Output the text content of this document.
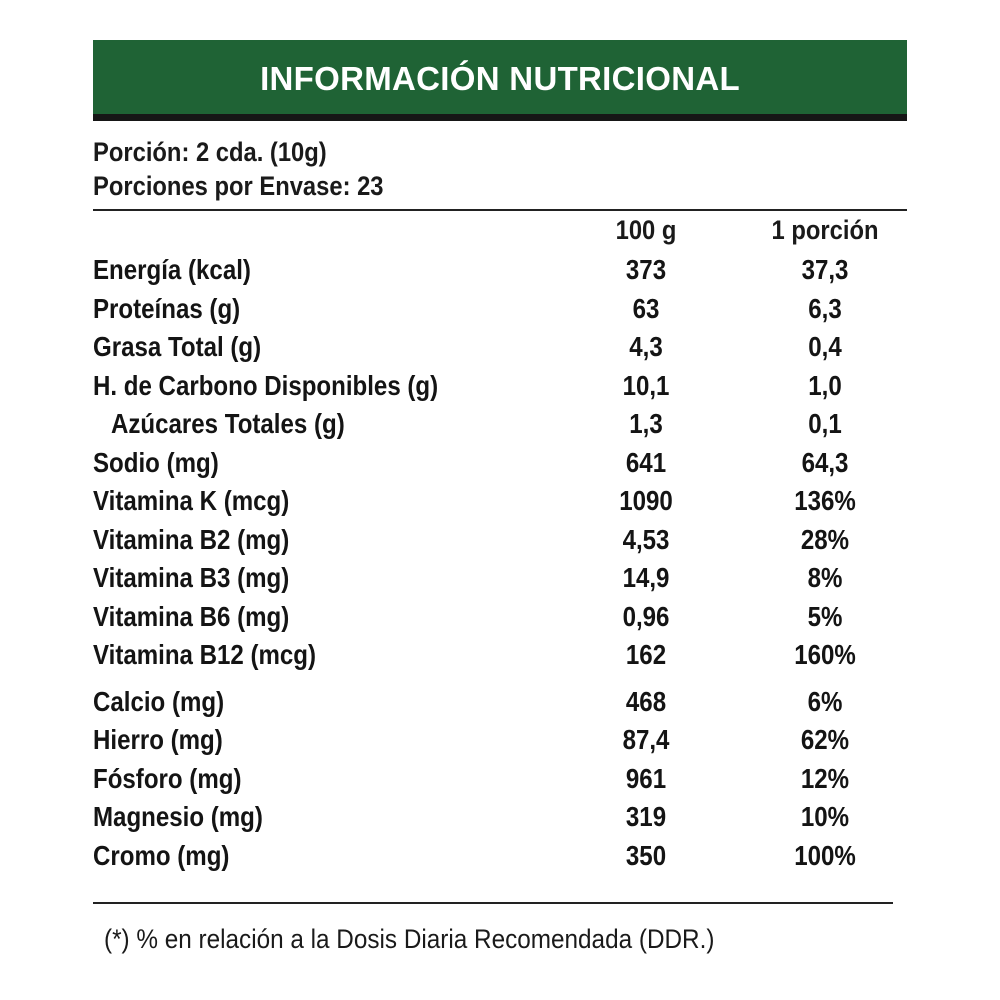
INFORMACIÓN NUTRICIONAL
Porción: 2 cda. (10g)
Porciones por Envase: 23
100 g	1 porción
Energía (kcal)	373	37,3
Proteínas (g)	63	6,3
Grasa Total (g)	4,3	0,4
H. de Carbono Disponibles (g)	10,1	1,0
Azúcares Totales (g)	1,3	0,1
Sodio (mg)	641	64,3
Vitamina K (mcg)	1090	136%
Vitamina B2 (mg)	4,53	28%
Vitamina B3 (mg)	14,9	8%
Vitamina B6 (mg)	0,96	5%
Vitamina B12 (mcg)	162	160%
Calcio (mg)	468	6%
Hierro (mg)	87,4	62%
Fósforo (mg)	961	12%
Magnesio (mg)	319	10%
Cromo (mg)	350	100%
(*) % en relación a la Dosis Diaria Recomendada (DDR.)
